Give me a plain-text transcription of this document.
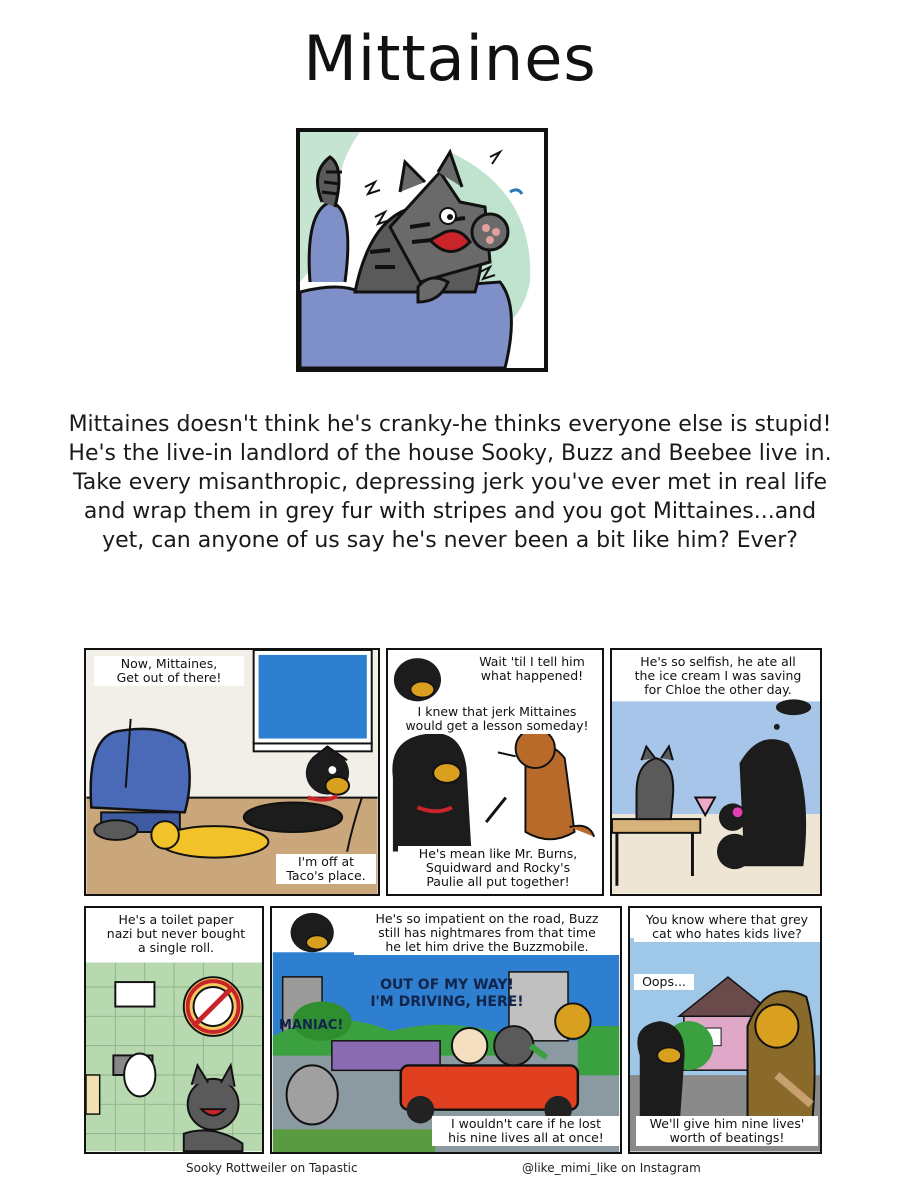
Mittaines

Mittaines doesn't think he's cranky-he thinks everyone else is stupid! He's the live-in landlord of the house Sooky, Buzz and Beebee live in.

Take every misanthropic, depressing jerk you've ever met in real life and wrap them in grey fur with stripes and you got Mittaines...and yet, can anyone of us say he's never been a bit like him? Ever?

Now, Mittaines,
Get out of there!
I'm off at
Taco's place.
Wait 'til I tell him
what happened!
I knew that jerk Mittaines
would get a lesson someday!
He's mean like Mr. Burns,
Squidward and Rocky's
Paulie all put together!
He's so selfish, he ate all
the ice cream I was saving
for Chloe the other day.
He's a toilet paper
nazi but never bought
a single roll.
He's so impatient on the road, Buzz
still has nightmares from that time
he let him drive the Buzzmobile.
OUT OF MY WAY!
I'M DRIVING, HERE!
MANIAC!
I wouldn't care if he lost
his nine lives all at once!
You know where that grey
cat who hates kids live?
Oops...
We'll give him nine lives'
worth of beatings!
Sooky Rottweiler on Tapastic	@like_mimi_like on Instagram
